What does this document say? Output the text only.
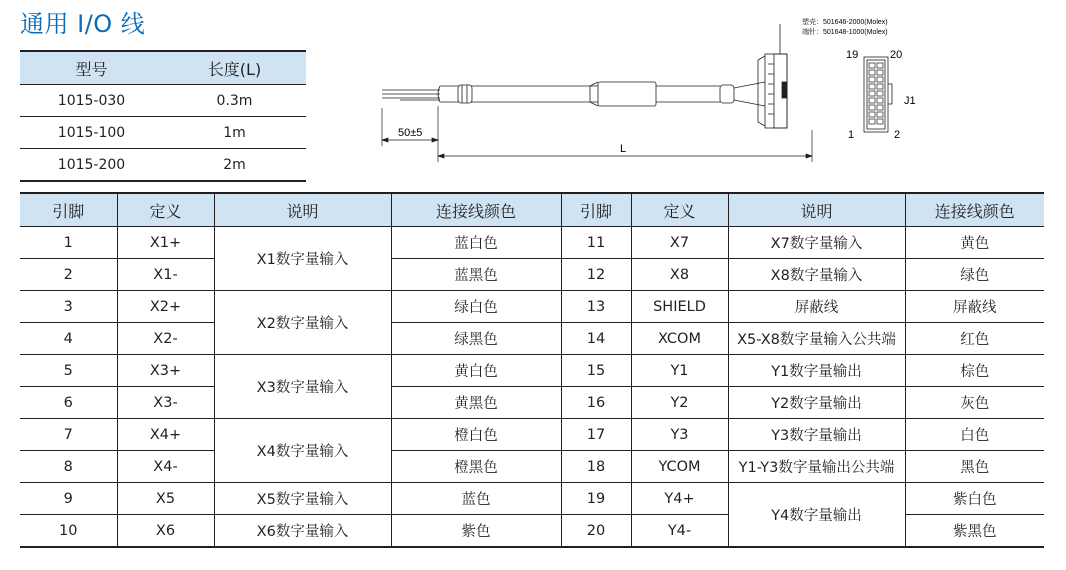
通用 I/O 线
型号	长度(L)
1015-030	0.3m
1015-100	1m
1015-200	2m
塑壳：501646-2000(Molex)
端针：501648-1000(Molex)
19	20
1	2
J1
50±5
L
引脚	定义	说明	连接线颜色	引脚	定义	说明	连接线颜色
1	X1+	X1数字量输入	蓝白色	11	X7	X7数字量输入	黄色
2	X1-		蓝黑色	12	X8	X8数字量输入	绿色
3	X2+	X2数字量输入	绿白色	13	SHIELD	屏蔽线	屏蔽线
4	X2-		绿黑色	14	XCOM	X5-X8数字量输入公共端	红色
5	X3+	X3数字量输入	黄白色	15	Y1	Y1数字量输出	棕色
6	X3-		黄黑色	16	Y2	Y2数字量输出	灰色
7	X4+	X4数字量输入	橙白色	17	Y3	Y3数字量输出	白色
8	X4-		橙黑色	18	YCOM	Y1-Y3数字量输出公共端	黑色
9	X5	X5数字量输入	蓝色	19	Y4+	Y4数字量输出	紫白色
10	X6	X6数字量输入	紫色	20	Y4-		紫黑色
